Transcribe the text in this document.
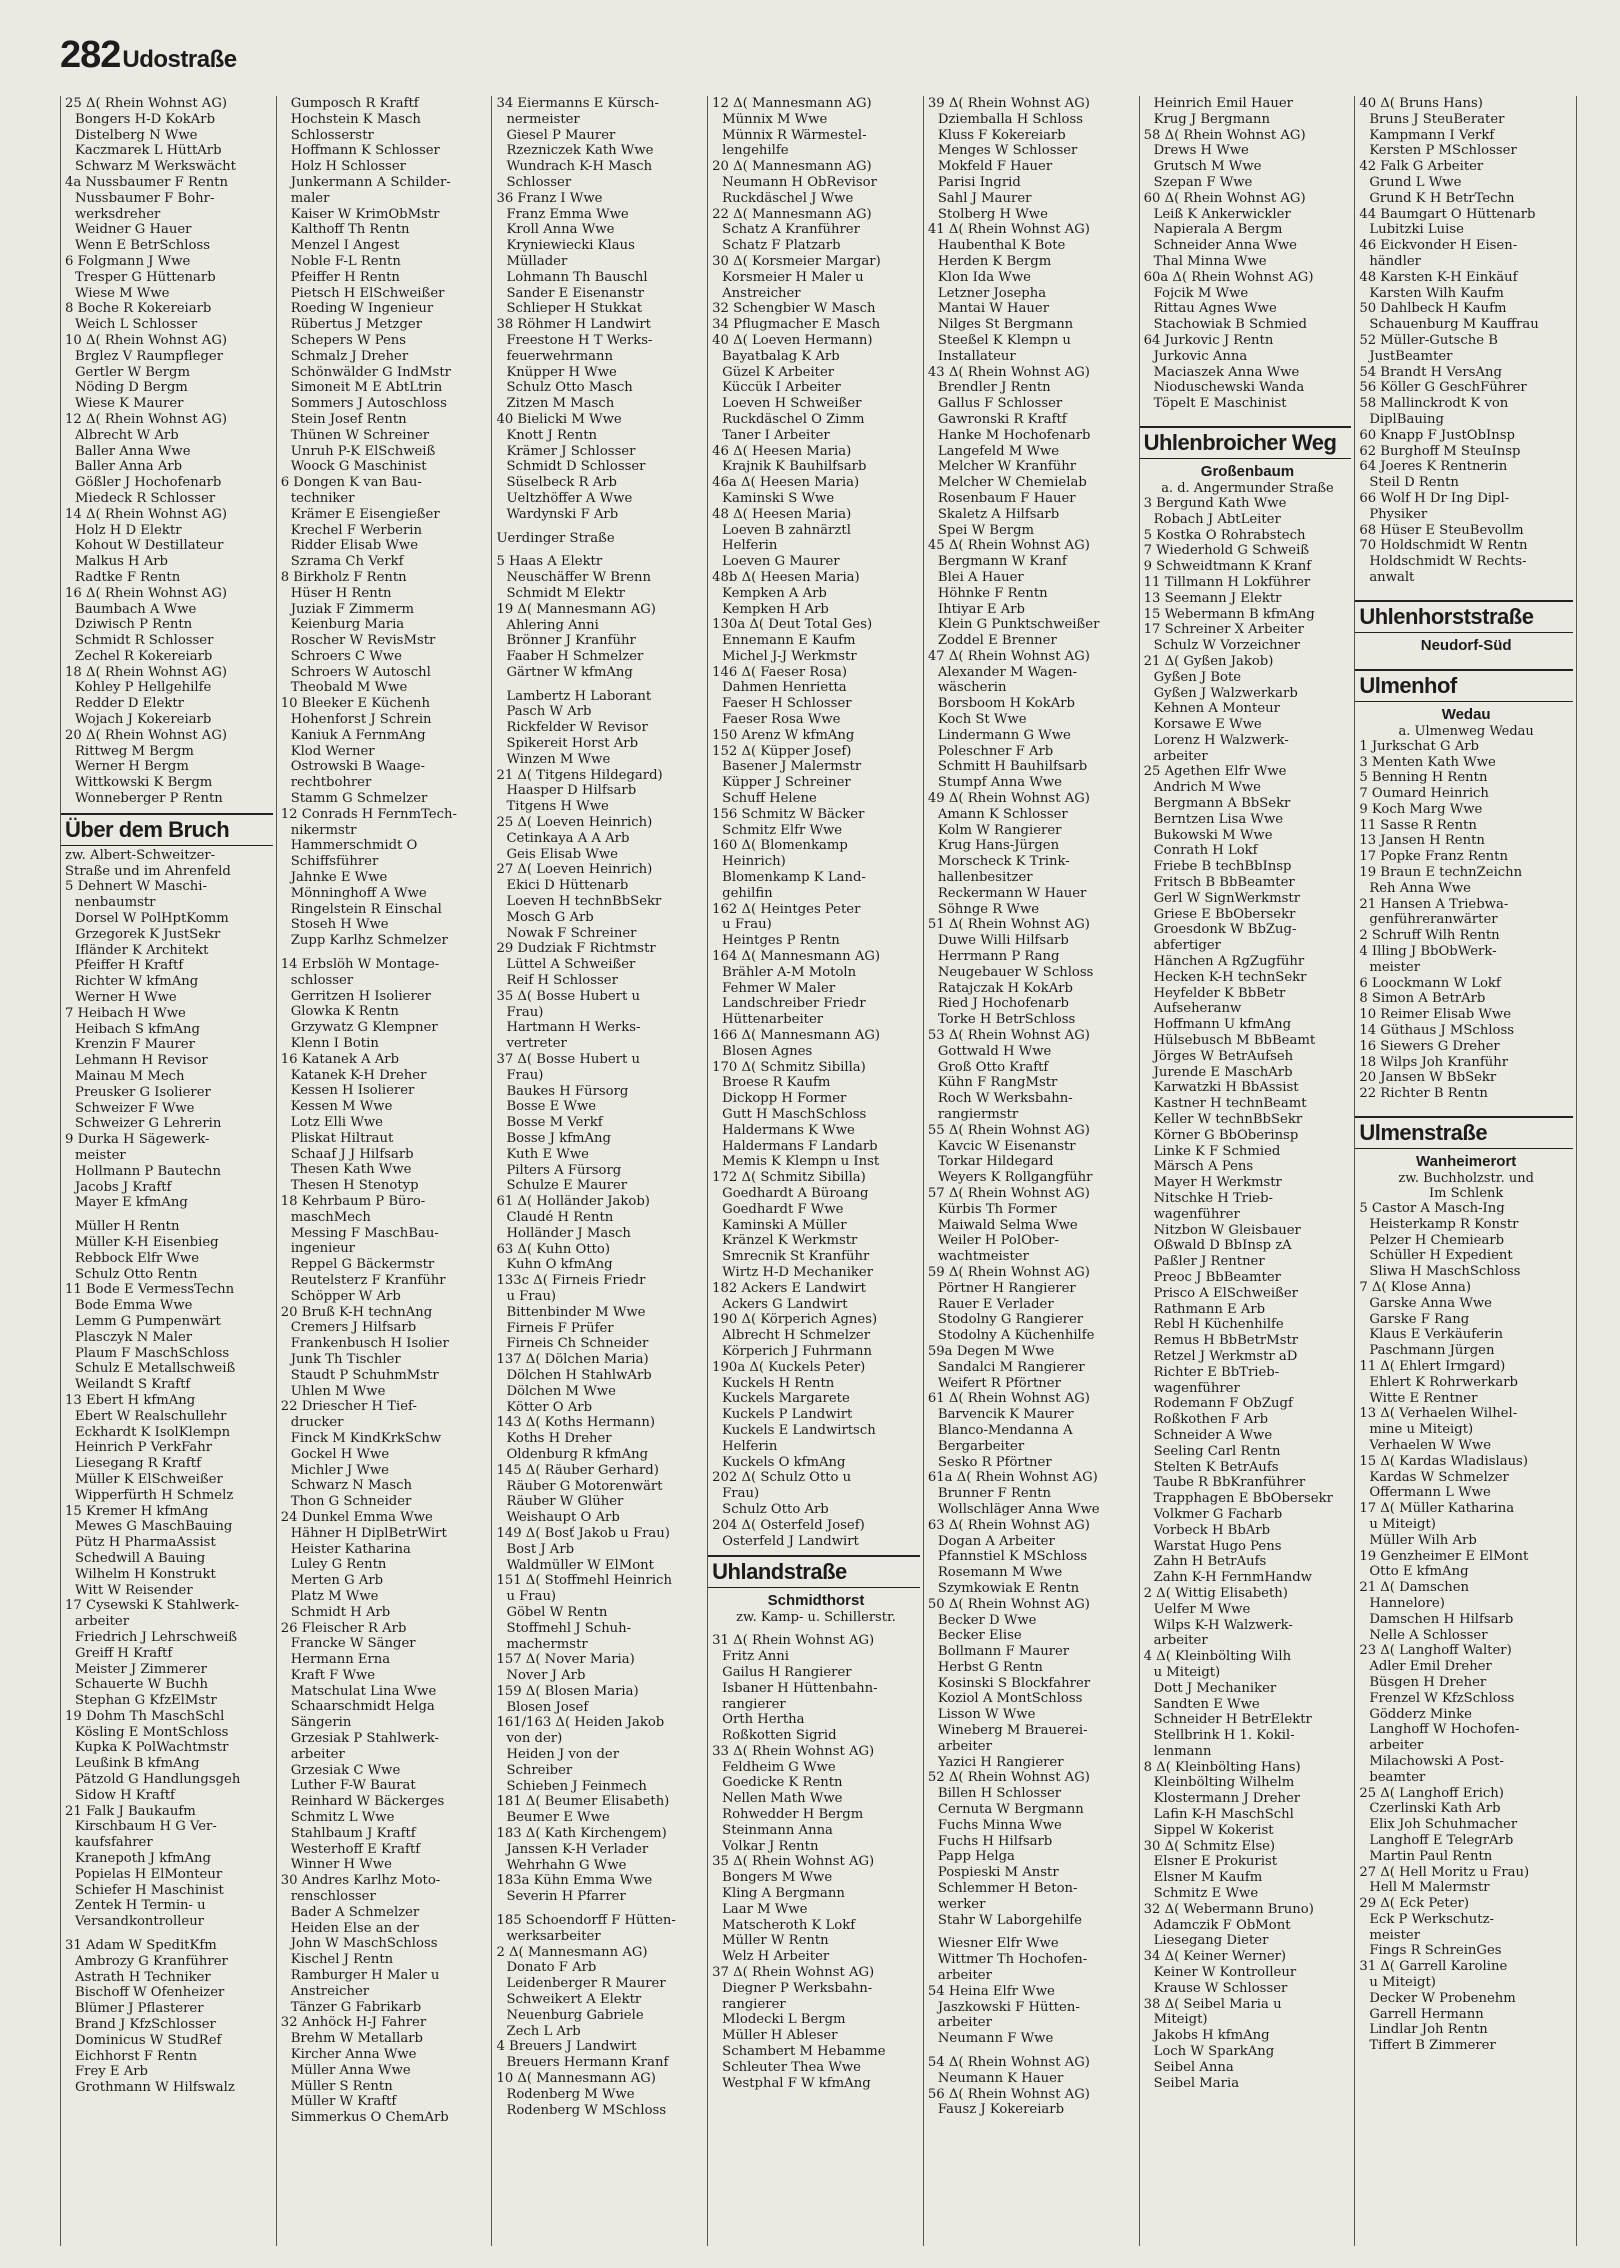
282 Udostraße
25 Δ( Rhein Wohnst AG)
Bongers H-D KokArb
Distelberg N Wwe
Kaczmarek L HüttArb
Schwarz M Werkswächt
4a Nussbaumer F Rentn
Nussbaumer F Bohr-
werksdreher
Weidner G Hauer
Wenn E BetrSchloss
6 Folgmann J Wwe
Tresper G Hüttenarb
Wiese M Wwe
8 Boche R Kokereiarb
Weich L Schlosser
10 Δ( Rhein Wohnst AG)
Brglez V Raumpfleger
Gertler W Bergm
Nöding D Bergm
Wiese K Maurer
12 Δ( Rhein Wohnst AG)
Albrecht W Arb
Baller Anna Wwe
Baller Anna Arb
Gößler J Hochofenarb
Miedeck R Schlosser
14 Δ( Rhein Wohnst AG)
Holz H D Elektr
Kohout W Destillateur
Malkus H Arb
Radtke F Rentn
16 Δ( Rhein Wohnst AG)
Baumbach A Wwe
Dziwisch P Rentn
Schmidt R Schlosser
Zechel R Kokereiarb
18 Δ( Rhein Wohnst AG)
Kohley P Hellgehilfe
Redder D Elektr
Wojach J Kokereiarb
20 Δ( Rhein Wohnst AG)
Rittweg M Bergm
Werner H Bergm
Wittkowski K Bergm
Wonneberger P Rentn
Über dem Bruch
zw. Albert-Schweitzer-
Straße und im Ahrenfeld
5 Dehnert W Maschi-
nenbaumstr
Dorsel W PolHptKomm
Grzegorek K JustSekr
Ifländer K Architekt
Pfeiffer H Kraftf
Richter W kfmAng
Werner H Wwe
7 Heibach H Wwe
Heibach S kfmAng
Krenzin F Maurer
Lehmann H Revisor
Mainau M Mech
Preusker G Isolierer
Schweizer F Wwe
Schweizer G Lehrerin
9 Durka H Sägewerk-
meister
Hollmann P Bautechn
Jacobs J Kraftf
Mayer E kfmAng
Müller H Rentn
Müller K-H Eisenbieg
Rebbock Elfr Wwe
Schulz Otto Rentn
11 Bode E VermessTechn
Bode Emma Wwe
Lemm G Pumpenwärt
Plasczyk N Maler
Plaum F MaschSchloss
Schulz E Metallschweiß
Weilandt S Kraftf
13 Ebert H kfmAng
Ebert W Realschullehr
Eckhardt K IsolKlempn
Heinrich P VerkFahr
Liesegang R Kraftf
Müller K ElSchweißer
Wipperfürth H Schmelz
15 Kremer H kfmAng
Mewes G MaschBauing
Pütz H PharmaAssist
Schedwill A Bauing
Wilhelm H Konstrukt
Witt W Reisender
17 Cysewski K Stahlwerk-
arbeiter
Friedrich J Lehrschweiß
Greiff H Kraftf
Meister J Zimmerer
Schauerte W Buchh
Stephan G KfzElMstr
19 Dohm Th MaschSchl
Kösling E MontSchloss
Kupka K PolWachtmstr
Leußink B kfmAng
Pätzold G Handlungsgeh
Sidow H Kraftf
21 Falk J Baukaufm
Kirschbaum H G Ver-
kaufsfahrer
Kranepoth J kfmAng
Popielas H ElMonteur
Schiefer H Maschinist
Zentek H Termin- u
Versandkontrolleur
31 Adam W SpeditKfm
Ambrozy G Kranführer
Astrath H Techniker
Bischoff W Ofenheizer
Blümer J Pflasterer
Brand J KfzSchlosser
Dominicus W StudRef
Eichhorst F Rentn
Frey E Arb
Grothmann W Hilfswalz
Gumposch R Kraftf
Hochstein K Masch
Schlosserstr
Hoffmann K Schlosser
Holz H Schlosser
Junkermann A Schilder-
maler
Kaiser W KrimObMstr
Kalthoff Th Rentn
Menzel I Angest
Noble F-L Rentn
Pfeiffer H Rentn
Pietsch H ElSchweißer
Roeding W Ingenieur
Rübertus J Metzger
Schepers W Pens
Schmalz J Dreher
Schönwälder G IndMstr
Simoneit M E AbtLtrin
Sommers J Autoschloss
Stein Josef Rentn
Thünen W Schreiner
Unruh P-K ElSchweiß
Woock G Maschinist
6 Dongen K van Bau-
techniker
Krämer E Eisengießer
Krechel F Werberin
Ridder Elisab Wwe
Szrama Ch Verkf
8 Birkholz F Rentn
Hüser H Rentn
Juziak F Zimmerm
Keienburg Maria
Roscher W RevisMstr
Schroers C Wwe
Schroers W Autoschl
Theobald M Wwe
10 Bleeker E Küchenh
Hohenforst J Schrein
Kaniuk A FernmAng
Klod Werner
Ostrowski B Waage-
rechtbohrer
Stamm G Schmelzer
12 Conrads H FernmTech-
nikermstr
Hammerschmidt O
Schiffsführer
Jahnke E Wwe
Mönninghoff A Wwe
Ringelstein R Einschal
Stoseh H Wwe
Zupp Karlhz Schmelzer
14 Erbslöh W Montage-
schlosser
Gerritzen H Isolierer
Glowka K Rentn
Grzywatz G Klempner
Klenn I Botin
16 Katanek A Arb
Katanek K-H Dreher
Kessen H Isolierer
Kessen M Wwe
Lotz Elli Wwe
Pliskat Hiltraut
Schaaf J J Hilfsarb
Thesen Kath Wwe
Thesen H Stenotyp
18 Kehrbaum P Büro-
maschMech
Messing F MaschBau-
ingenieur
Reppel G Bäckermstr
Reutelsterz F Kranführ
Schöpper W Arb
20 Bruß K-H technAng
Cremers J Hilfsarb
Frankenbusch H Isolier
Junk Th Tischler
Staudt P SchuhmMstr
Uhlen M Wwe
22 Driescher H Tief-
drucker
Finck M KindKrkSchw
Gockel H Wwe
Michler J Wwe
Schwarz N Masch
Thon G Schneider
24 Dunkel Emma Wwe
Hähner H DiplBetrWirt
Heister Katharina
Luley G Rentn
Merten G Arb
Platz M Wwe
Schmidt H Arb
26 Fleischer R Arb
Francke W Sänger
Hermann Erna
Kraft F Wwe
Matschulat Lina Wwe
Schaarschmidt Helga
Sängerin
Grzesiak P Stahlwerk-
arbeiter
Grzesiak C Wwe
Luther F-W Baurat
Reinhard W Bäckerges
Schmitz L Wwe
Stahlbaum J Kraftf
Westerhoff E Kraftf
Winner H Wwe
30 Andres Karlhz Moto-
renschlosser
Bader A Schmelzer
Heiden Else an der
John W MaschSchloss
Kischel J Rentn
Ramburger H Maler u
Anstreicher
Tänzer G Fabrikarb
32 Anhöck H-J Fahrer
Brehm W Metallarb
Kircher Anna Wwe
Müller Anna Wwe
Müller S Rentn
Müller W Kraftf
Simmerkus O ChemArb
34 Eiermanns E Kürsch-
nermeister
Giesel P Maurer
Rzezniczek Kath Wwe
Wundrach K-H Masch
Schlosser
36 Franz I Wwe
Franz Emma Wwe
Kroll Anna Wwe
Kryniewiecki Klaus
Müllader
Lohmann Th Bauschl
Sander E Eisenanstr
Schlieper H Stukkat
38 Röhmer H Landwirt
Freestone H T Werks-
feuerwehrmann
Knüpper H Wwe
Schulz Otto Masch
Zitzen M Masch
40 Bielicki M Wwe
Knott J Rentn
Krämer J Schlosser
Schmidt D Schlosser
Süselbeck R Arb
Ueltzhöffer A Wwe
Wardynski F Arb
Uerdinger Straße
5 Haas A Elektr
Neuschäffer W Brenn
Schmidt M Elektr
19 Δ( Mannesmann AG)
Ahlering Anni
Brönner J Kranführ
Faaber H Schmelzer
Gärtner W kfmAng
Lambertz H Laborant
Pasch W Arb
Rickfelder W Revisor
Spikereit Horst Arb
Winzen M Wwe
21 Δ( Titgens Hildegard)
Haasper D Hilfsarb
Titgens H Wwe
25 Δ( Loeven Heinrich)
Cetinkaya A A Arb
Geis Elisab Wwe
27 Δ( Loeven Heinrich)
Ekici D Hüttenarb
Loeven H technBbSekr
Mosch G Arb
Nowak F Schreiner
29 Dudziak F Richtmstr
Lüttel A Schweißer
Reif H Schlosser
35 Δ( Bosse Hubert u
Frau)
Hartmann H Werks-
vertreter
37 Δ( Bosse Hubert u
Frau)
Baukes H Fürsorg
Bosse E Wwe
Bosse M Verkf
Bosse J kfmAng
Kuth E Wwe
Pilters A Fürsorg
Schulze E Maurer
61 Δ( Holländer Jakob)
Claudé H Rentn
Holländer J Masch
63 Δ( Kuhn Otto)
Kuhn O kfmAng
133c Δ( Firneis Friedr
u Frau)
Bittenbinder M Wwe
Firneis F Prüfer
Firneis Ch Schneider
137 Δ( Dölchen Maria)
Dölchen H StahlwArb
Dölchen M Wwe
Kötter O Arb
143 Δ( Koths Hermann)
Koths H Dreher
Oldenburg R kfmAng
145 Δ( Räuber Gerhard)
Räuber G Motorenwärt
Räuber W Glüher
Weishaupt O Arb
149 Δ( Bosť Jakob u Frau)
Bost J Arb
Waldmüller W ElMont
151 Δ( Stoffmehl Heinrich
u Frau)
Göbel W Rentn
Stoffmehl J Schuh-
machermstr
157 Δ( Nover Maria)
Nover J Arb
159 Δ( Blosen Maria)
Blosen Josef
161/163 Δ( Heiden Jakob
von der)
Heiden J von der
Schreiber
Schieben J Feinmech
181 Δ( Beumer Elisabeth)
Beumer E Wwe
183 Δ( Kath Kirchengem)
Janssen K-H Verlader
Wehrhahn G Wwe
183a Kühn Emma Wwe
Severin H Pfarrer
185 Schoendorff F Hütten-
werksarbeiter
2 Δ( Mannesmann AG)
Donato F Arb
Leidenberger R Maurer
Schweikert A Elektr
Neuenburg Gabriele
Zech L Arb
4 Breuers J Landwirt
Breuers Hermann Kranf
10 Δ( Mannesmann AG)
Rodenberg M Wwe
Rodenberg W MSchloss
12 Δ( Mannesmann AG)
Münnix M Wwe
Münnix R Wärmestel-
lengehilfe
20 Δ( Mannesmann AG)
Neumann H ObRevisor
Ruckdäschel J Wwe
22 Δ( Mannesmann AG)
Schatz A Kranführer
Schatz F Platzarb
30 Δ( Korsmeier Margar)
Korsmeier H Maler u
Anstreicher
32 Schengbier W Masch
34 Pflugmacher E Masch
40 Δ( Loeven Hermann)
Bayatbalag K Arb
Güzel K Arbeiter
Küccük I Arbeiter
Loeven H Schweißer
Ruckdäschel O Zimm
Taner I Arbeiter
46 Δ( Heesen Maria)
Krajnik K Bauhilfsarb
46a Δ( Heesen Maria)
Kaminski S Wwe
48 Δ( Heesen Maria)
Loeven B zahnärztl
Helferin
Loeven G Maurer
48b Δ( Heesen Maria)
Kempken A Arb
Kempken H Arb
130a Δ( Deut Total Ges)
Ennemann E Kaufm
Michel J-J Werkmstr
146 Δ( Faeser Rosa)
Dahmen Henrietta
Faeser H Schlosser
Faeser Rosa Wwe
150 Arenz W kfmAng
152 Δ( Küpper Josef)
Basener J Malermstr
Küpper J Schreiner
Schuff Helene
156 Schmitz W Bäcker
Schmitz Elfr Wwe
160 Δ( Blomenkamp
Heinrich)
Blomenkamp K Land-
gehilfin
162 Δ( Heintges Peter
u Frau)
Heintges P Rentn
164 Δ( Mannesmann AG)
Brähler A-M Motoln
Fehmer W Maler
Landschreiber Friedr
Hüttenarbeiter
166 Δ( Mannesmann AG)
Blosen Agnes
170 Δ( Schmitz Sibilla)
Broese R Kaufm
Dickopp H Former
Gutt H MaschSchloss
Haldermans K Wwe
Haldermans F Landarb
Memis K Klempn u Inst
172 Δ( Schmitz Sibilla)
Goedhardt A Büroang
Goedhardt F Wwe
Kaminski A Müller
Kränzel K Werkmstr
Smrecnik St Kranführ
Wirtz H-D Mechaniker
182 Ackers E Landwirt
Ackers G Landwirt
190 Δ( Körperich Agnes)
Albrecht H Schmelzer
Körperich J Fuhrmann
190a Δ( Kuckels Peter)
Kuckels H Rentn
Kuckels Margarete
Kuckels P Landwirt
Kuckels E Landwirtsch
Helferin
Kuckels O kfmAng
202 Δ( Schulz Otto u
Frau)
Schulz Otto Arb
204 Δ( Osterfeld Josef)
Osterfeld J Landwirt
Uhlandstraße
Schmidthorst
zw. Kamp- u. Schillerstr.
31 Δ( Rhein Wohnst AG)
Fritz Anni
Gailus H Rangierer
Isbaner H Hüttenbahn-
rangierer
Orth Hertha
Roßkotten Sigrid
33 Δ( Rhein Wohnst AG)
Feldheim G Wwe
Goedicke K Rentn
Nellen Math Wwe
Rohwedder H Bergm
Steinmann Anna
Volkar J Rentn
35 Δ( Rhein Wohnst AG)
Bongers M Wwe
Kling A Bergmann
Laar M Wwe
Matscheroth K Lokf
Müller W Rentn
Welz H Arbeiter
37 Δ( Rhein Wohnst AG)
Diegner P Werksbahn-
rangierer
Mlodecki L Bergm
Müller H Ableser
Schambert M Hebamme
Schleuter Thea Wwe
Westphal F W kfmAng
39 Δ( Rhein Wohnst AG)
Dziemballa H Schloss
Kluss F Kokereiarb
Menges W Schlosser
Mokfeld F Hauer
Parisi Ingrid
Sahl J Maurer
Stolberg H Wwe
41 Δ( Rhein Wohnst AG)
Haubenthal K Bote
Herden K Bergm
Klon Ida Wwe
Letzner Josepha
Mantai W Hauer
Nilges St Bergmann
Steeßel K Klempn u
Installateur
43 Δ( Rhein Wohnst AG)
Brendler J Rentn
Gallus F Schlosser
Gawronski R Kraftf
Hanke M Hochofenarb
Langefeld M Wwe
Melcher W Kranführ
Melcher W Chemielab
Rosenbaum F Hauer
Skaletz A Hilfsarb
Spei W Bergm
45 Δ( Rhein Wohnst AG)
Bergmann W Kranf
Blei A Hauer
Höhnke F Rentn
Ihtiyar E Arb
Klein G Punktschweißer
Zoddel E Brenner
47 Δ( Rhein Wohnst AG)
Alexander M Wagen-
wäscherin
Borsboom H KokArb
Koch St Wwe
Lindermann G Wwe
Poleschner F Arb
Schmitt H Bauhilfsarb
Stumpf Anna Wwe
49 Δ( Rhein Wohnst AG)
Amann K Schlosser
Kolm W Rangierer
Krug Hans-Jürgen
Morscheck K Trink-
hallenbesitzer
Reckermann W Hauer
Söhnge R Wwe
51 Δ( Rhein Wohnst AG)
Duwe Willi Hilfsarb
Herrmann P Rang
Neugebauer W Schloss
Ratajczak H KokArb
Ried J Hochofenarb
Torke H BetrSchloss
53 Δ( Rhein Wohnst AG)
Gottwald H Wwe
Groß Otto Kraftf
Kühn F RangMstr
Roch W Werksbahn-
rangiermstr
55 Δ( Rhein Wohnst AG)
Kavcic W Eisenanstr
Torkar Hildegard
Weyers K Rollgangführ
57 Δ( Rhein Wohnst AG)
Kürbis Th Former
Maiwald Selma Wwe
Weiler H PolOber-
wachtmeister
59 Δ( Rhein Wohnst AG)
Pörtner H Rangierer
Rauer E Verlader
Stodolny G Rangierer
Stodolny A Küchenhilfe
59a Degen M Wwe
Sandalci M Rangierer
Weifert R Pförtner
61 Δ( Rhein Wohnst AG)
Barvencik K Maurer
Blanco-Mendanna A
Bergarbeiter
Sesko R Pförtner
61a Δ( Rhein Wohnst AG)
Brunner F Rentn
Wollschläger Anna Wwe
63 Δ( Rhein Wohnst AG)
Dogan A Arbeiter
Pfannstiel K MSchloss
Rosemann M Wwe
Szymkowiak E Rentn
50 Δ( Rhein Wohnst AG)
Becker D Wwe
Becker Elise
Bollmann F Maurer
Herbst G Rentn
Kosinski S Blockfahrer
Koziol A MontSchloss
Lisson W Wwe
Wineberg M Brauerei-
arbeiter
Yazici H Rangierer
52 Δ( Rhein Wohnst AG)
Billen H Schlosser
Cernuta W Bergmann
Fuchs Minna Wwe
Fuchs H Hilfsarb
Papp Helga
Pospieski M Anstr
Schlemmer H Beton-
werker
Stahr W Laborgehilfe
Wiesner Elfr Wwe
Wittmer Th Hochofen-
arbeiter
54 Heina Elfr Wwe
Jaszkowski F Hütten-
arbeiter
Neumann F Wwe
54 Δ( Rhein Wohnst AG)
Neumann K Hauer
56 Δ( Rhein Wohnst AG)
Fausz J Kokereiarb
Heinrich Emil Hauer
Krug J Bergmann
58 Δ( Rhein Wohnst AG)
Drews H Wwe
Grutsch M Wwe
Szepan F Wwe
60 Δ( Rhein Wohnst AG)
Leiß K Ankerwickler
Napierala A Bergm
Schneider Anna Wwe
Thal Minna Wwe
60a Δ( Rhein Wohnst AG)
Fojcik M Wwe
Rittau Agnes Wwe
Stachowiak B Schmied
64 Jurkovic J Rentn
Jurkovic Anna
Maciaszek Anna Wwe
Nioduschewski Wanda
Töpelt E Maschinist
Uhlenbroicher Weg
Großenbaum
a. d. Angermunder Straße
3 Bergund Kath Wwe
Robach J AbtLeiter
5 Kostka O Rohrabstech
7 Wiederhold G Schweiß
9 Schweidtmann K Kranf
11 Tillmann H Lokführer
13 Seemann J Elektr
15 Webermann B kfmAng
17 Schreiner X Arbeiter
Schulz W Vorzeichner
21 Δ( Gyßen Jakob)
Gyßen J Bote
Gyßen J Walzwerkarb
Kehnen A Monteur
Korsawe E Wwe
Lorenz H Walzwerk-
arbeiter
25 Agethen Elfr Wwe
Andrich M Wwe
Bergmann A BbSekr
Berntzen Lisa Wwe
Bukowski M Wwe
Conrath H Lokf
Friebe B techBbInsp
Fritsch B BbBeamter
Gerl W SignWerkmstr
Griese E BbObersekr
Groesdonk W BbZug-
abfertiger
Hänchen A RgZugführ
Hecken K-H technSekr
Heyfelder K BbBetr
Aufseheranw
Hoffmann U kfmAng
Hülsebusch M BbBeamt
Jörges W BetrAufseh
Jurende E MaschArb
Karwatzki H BbAssist
Kastner H technBeamt
Keller W technBbSekr
Körner G BbOberinsp
Linke K F Schmied
Märsch A Pens
Mayer H Werkmstr
Nitschke H Trieb-
wagenführer
Nitzbon W Gleisbauer
Oßwald D BbInsp zA
Paßler J Rentner
Preoc J BbBeamter
Prisco A ElSchweißer
Rathmann E Arb
Rebl H Küchenhilfe
Remus H BbBetrMstr
Retzel J Werkmstr aD
Richter E BbTrieb-
wagenführer
Rodemann F ObZugf
Roßkothen F Arb
Schneider A Wwe
Seeling Carl Rentn
Stelten K BetrAufs
Taube R BbKranführer
Trapphagen E BbObersekr
Volkmer G Facharb
Vorbeck H BbArb
Warstat Hugo Pens
Zahn H BetrAufs
Zahn K-H FernmHandw
2 Δ( Wittig Elisabeth)
Uelfer M Wwe
Wilps K-H Walzwerk-
arbeiter
4 Δ( Kleinbölting Wilh
u Miteigt)
Dott J Mechaniker
Sandten E Wwe
Schneider H BetrElektr
Stellbrink H 1. Kokil-
lenmann
8 Δ( Kleinbölting Hans)
Kleinbölting Wilhelm
Klostermann J Dreher
Lafin K-H MaschSchl
Sippel W Kokerist
30 Δ( Schmitz Else)
Elsner E Prokurist
Elsner M Kaufm
Schmitz E Wwe
32 Δ( Webermann Bruno)
Adamczik F ObMont
Liesegang Dieter
34 Δ( Keiner Werner)
Keiner W Kontrolleur
Krause W Schlosser
38 Δ( Seibel Maria u
Miteigt)
Jakobs H kfmAng
Loch W SparkAng
Seibel Anna
Seibel Maria
40 Δ( Bruns Hans)
Bruns J SteuBerater
Kampmann I Verkf
Kersten P MSchlosser
42 Falk G Arbeiter
Grund L Wwe
Grund K H BetrTechn
44 Baumgart O Hüttenarb
Lubitzki Luise
46 Eickvonder H Eisen-
händler
48 Karsten K-H Einkäuf
Karsten Wilh Kaufm
50 Dahlbeck H Kaufm
Schauenburg M Kauffrau
52 Müller-Gutsche B
JustBeamter
54 Brandt H VersAng
56 Köller G GeschFührer
58 Mallinckrodt K von
DiplBauing
60 Knapp F JustObInsp
62 Burghoff M SteuInsp
64 Joeres K Rentnerin
Steil D Rentn
66 Wolf H Dr Ing Dipl-
Physiker
68 Hüser E SteuBevollm
70 Holdschmidt W Rentn
Holdschmidt W Rechts-
anwalt
Uhlenhorststraße
Neudorf-Süd
Ulmenhof
Wedau
a. Ulmenweg Wedau
1 Jurkschat G Arb
3 Menten Kath Wwe
5 Benning H Rentn
7 Oumard Heinrich
9 Koch Marg Wwe
11 Sasse R Rentn
13 Jansen H Rentn
17 Popke Franz Rentn
19 Braun E technZeichn
Reh Anna Wwe
21 Hansen A Triebwa-
genführeranwärter
2 Schruff Wilh Rentn
4 Illing J BbObWerk-
meister
6 Loockmann W Lokf
8 Simon A BetrArb
10 Reimer Elisab Wwe
14 Güthaus J MSchloss
16 Siewers G Dreher
18 Wilps Joh Kranführ
20 Jansen W BbSekr
22 Richter B Rentn
Ulmenstraße
Wanheimerort
zw. Buchholzstr. und
Im Schlenk
5 Castor A Masch-Ing
Heisterkamp R Konstr
Pelzer H Chemiearb
Schüller H Expedient
Sliwa H MaschSchloss
7 Δ( Klose Anna)
Garske Anna Wwe
Garske F Rang
Klaus E Verkäuferin
Paschmann Jürgen
11 Δ( Ehlert Irmgard)
Ehlert K Rohrwerkarb
Witte E Rentner
13 Δ( Verhaelen Wilhel-
mine u Miteigt)
Verhaelen W Wwe
15 Δ( Kardas Wladislaus)
Kardas W Schmelzer
Offermann L Wwe
17 Δ( Müller Katharina
u Miteigt)
Müller Wilh Arb
19 Genzheimer E ElMont
Otto E kfmAng
21 Δ( Damschen
Hannelore)
Damschen H Hilfsarb
Nelle A Schlosser
23 Δ( Langhoff Walter)
Adler Emil Dreher
Büsgen H Dreher
Frenzel W KfzSchloss
Gödderz Minke
Langhoff W Hochofen-
arbeiter
Milachowski A Post-
beamter
25 Δ( Langhoff Erich)
Czerlinski Kath Arb
Elix Joh Schuhmacher
Langhoff E TelegrArb
Martin Paul Rentn
27 Δ( Hell Moritz u Frau)
Hell M Malermstr
29 Δ( Eck Peter)
Eck P Werkschutz-
meister
Fings R SchreinGes
31 Δ( Garrell Karoline
u Miteigt)
Decker W Probenehm
Garrell Hermann
Lindlar Joh Rentn
Tiffert B Zimmerer
